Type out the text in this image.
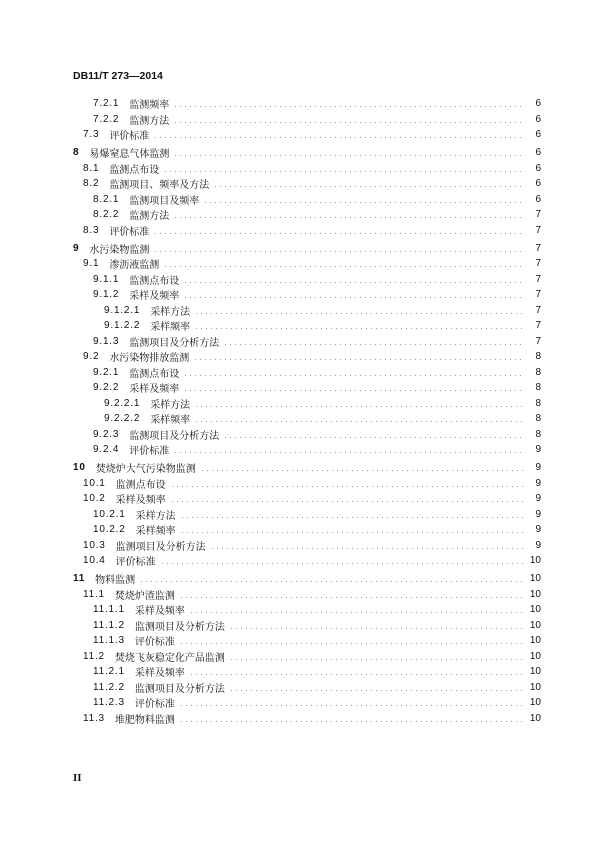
DB11/T 273—2014
7.2.1 监测频率	6
7.2.2 监测方法	6
7.3 评价标准	6
8 易爆窒息气体监测	6
8.1 监测点布设	6
8.2 监测项目、频率及方法	6
8.2.1 监测项目及频率	6
8.2.2 监测方法	7
8.3 评价标准	7
9 水污染物监测	7
9.1 渗沥液监测	7
9.1.1 监测点布设	7
9.1.2 采样及频率	7
9.1.2.1 采样方法	7
9.1.2.2 采样频率	7
9.1.3 监测项目及分析方法	7
9.2 水污染物排放监测	8
9.2.1 监测点布设	8
9.2.2 采样及频率	8
9.2.2.1 采样方法	8
9.2.2.2 采样频率	8
9.2.3 监测项目及分析方法	8
9.2.4 评价标准	9
10 焚烧炉大气污染物监测	9
10.1 监测点布设	9
10.2 采样及频率	9
10.2.1 采样方法	9
10.2.2 采样频率	9
10.3 监测项目及分析方法	9
10.4 评价标准	10
11 物料监测	10
11.1 焚烧炉渣监测	10
11.1.1 采样及频率	10
11.1.2 监测项目及分析方法	10
11.1.3 评价标准	10
11.2 焚烧飞灰稳定化产品监测	10
11.2.1 采样及频率	10
11.2.2 监测项目及分析方法	10
11.2.3 评价标准	10
11.3 堆肥物料监测	10
II
